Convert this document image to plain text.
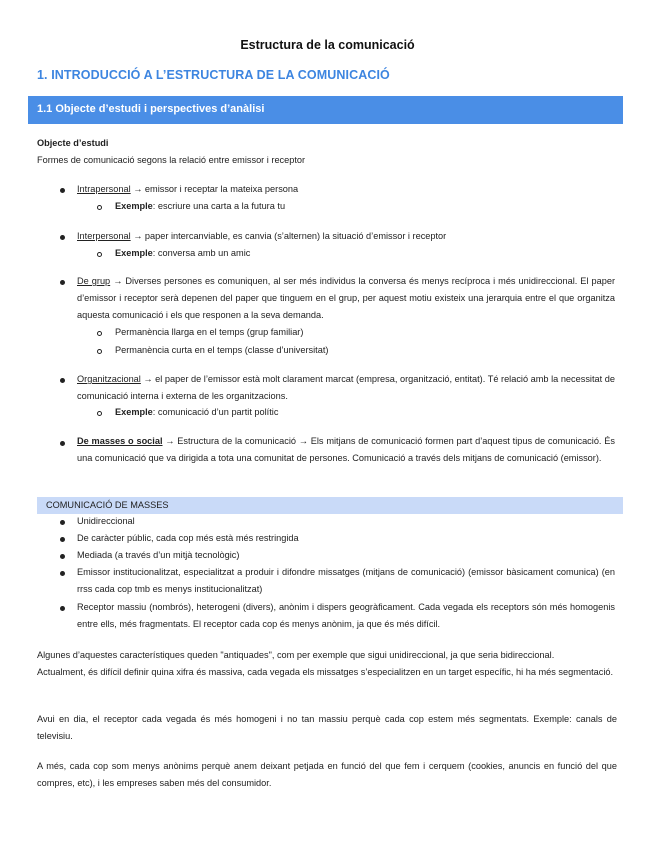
Estructura de la comunicació
1. INTRODUCCIÓ A L’ESTRUCTURA DE LA COMUNICACIÓ
1.1 Objecte d’estudi i perspectives d’anàlisi
Objecte d’estudi
Formes de comunicació segons la relació entre emissor i receptor
Intrapersonal → emissor i receptar la mateixa persona
Exemple: escriure una carta a la futura tu
Interpersonal → paper intercanviable, es canvia (s’alternen) la situació d’emissor i receptor
Exemple: conversa amb un amic
De grup → Diverses persones es comuniquen, al ser més individus la conversa és menys recíproca i més unidireccional. El paper d’emissor i receptor serà depenen del paper que tinguem en el grup, per aquest motiu existeix una jerarquia entre el que organitza aquesta comunicació i els que responen a la seva demanda.
Permanència llarga en el temps (grup familiar)
Permanència curta en el temps (classe d’universitat)
Organitzacional → el paper de l’emissor està molt clarament marcat (empresa, organització, entitat). Té relació amb la necessitat de comunicació interna i externa de les organitzacions.
Exemple: comunicació d’un partit polític
De masses o social → Estructura de la comunicació → Els mitjans de comunicació formen part d’aquest tipus de comunicació. És una comunicació que va dirigida a tota una comunitat de persones. Comunicació a través dels mitjans de comunicació (emissor).
COMUNICACIÓ DE MASSES
Unidireccional
De caràcter públic, cada cop més està més restringida
Mediada (a través d’un mitjà tecnològic)
Emissor institucionalitzat, especialitzat a produir i difondre missatges (mitjans de comunicació) (emissor bàsicament comunica) (en rrss cada cop tmb es menys institucionalitzat)
Receptor massiu (nombrós), heterogeni (divers), anònim i dispers geogràficament. Cada vegada els receptors són més homogenis entre ells, més fragmentats. El receptor cada cop és menys anònim, ja que és més difícil.
Algunes d’aquestes característiques queden "antiquades", com per exemple que sigui unidireccional, ja que seria bidireccional.
Actualment, és difícil definir quina xifra és massiva, cada vegada els missatges s’especialitzen en un target específic, hi ha més segmentació.
Avui en dia, el receptor cada vegada és més homogeni i no tan massiu perquè cada cop estem més segmentats. Exemple: canals de televisiu.
A més, cada cop som menys anònims perquè anem deixant petjada en funció del que fem i cerquem (cookies, anuncis en funció del que compres, etc), i les empreses saben més del consumidor.
